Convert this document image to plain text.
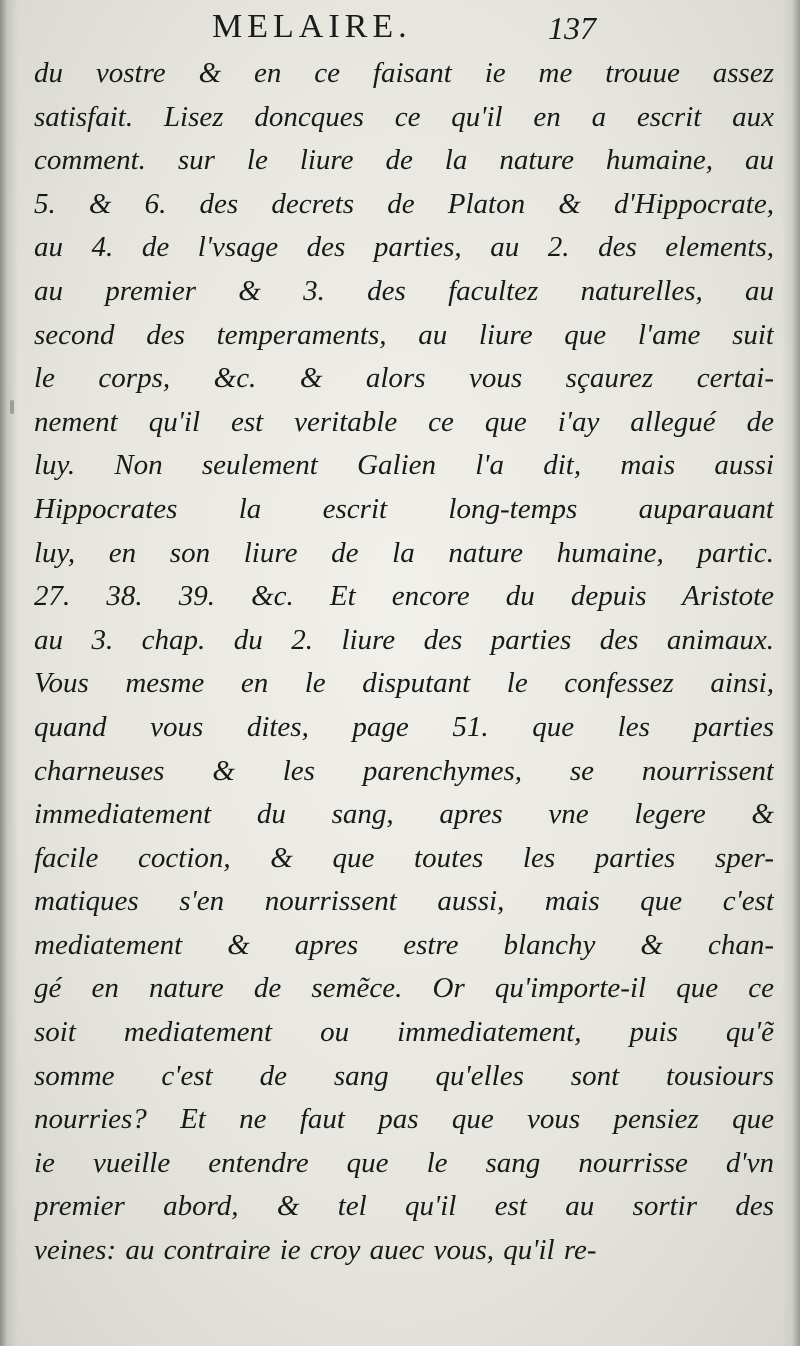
MELAIRE.	137
du vostre & en ce faisant ie me trouue assez
satisfait. Lisez doncques ce qu'il en a escrit aux
comment. sur le liure de la nature humaine, au
5. & 6. des decrets de Platon & d'Hippocrate,
au 4. de l'vsage des parties, au 2. des elements,
au premier & 3. des facultez naturelles, au
second des temperaments, au liure que l'ame suit
le corps, &c. & alors vous sçaurez certai-
nement qu'il est veritable ce que i'ay allegué de
luy. Non seulement Galien l'a dit, mais aussi
Hippocrates la escrit long-temps auparauant
luy, en son liure de la nature humaine, partic.
27. 38. 39. &c. Et encore du depuis Aristote
au 3. chap. du 2. liure des parties des animaux.
Vous mesme en le disputant le confessez ainsi,
quand vous dites, page 51. que les parties
charneuses & les parenchymes, se nourrissent
immediatement du sang, apres vne legere &
facile coction, & que toutes les parties sper-
matiques s'en nourrissent aussi, mais que c'est
mediatement & apres estre blanchy & chan-
gé en nature de semẽce. Or qu'importe-il que ce
soit mediatement ou immediatement, puis qu'ẽ
somme c'est de sang qu'elles sont tousiours
nourries? Et ne faut pas que vous pensiez que
ie vueille entendre que le sang nourrisse d'vn
premier abord, & tel qu'il est au sortir des
veines: au contraire ie croy auec vous, qu'il re-
